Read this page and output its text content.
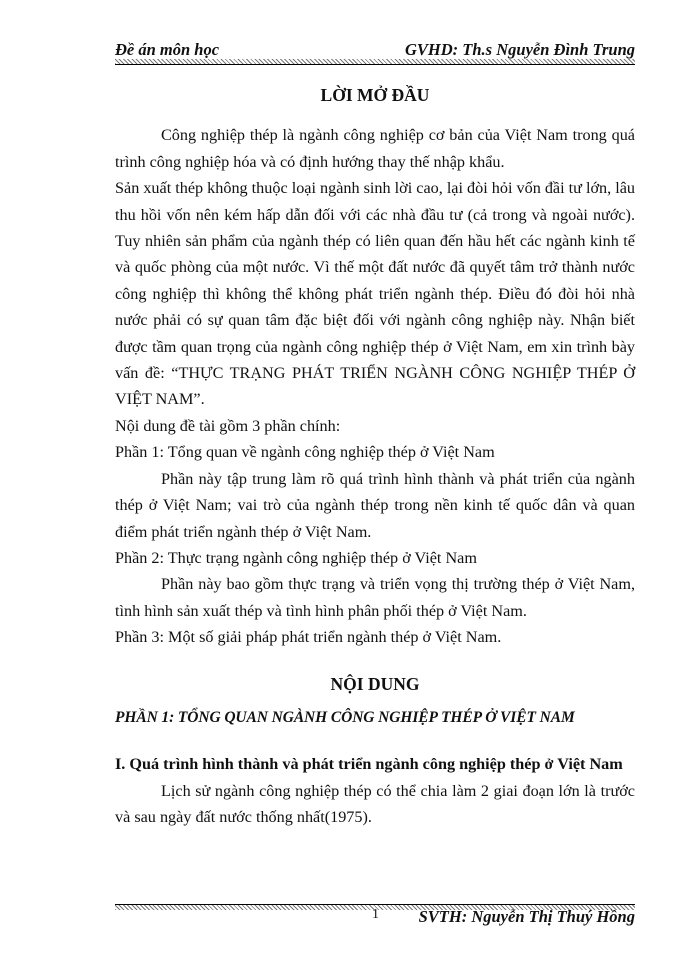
Đề án môn học	GVHD: Th.s Nguyễn Đình Trung
LỜI MỞ ĐẦU

Công nghiệp thép là ngành công nghiệp cơ bản của Việt Nam trong quá trình công nghiệp hóa và có định hướng thay thế nhập khẩu.

Sản xuất thép không thuộc loại ngành sinh lời cao, lại đòi hỏi vốn đầi tư lớn, lâu thu hồi vốn nên kém hấp dẫn đối với các nhà đầu tư (cả trong và ngoài nước). Tuy nhiên sản phẩm của ngành thép có liên quan đến hầu hết các ngành kinh tế và quốc phòng của một nước. Vì thế một đất nước đã quyết tâm trở thành nước công nghiệp thì không thể không phát triển ngành thép. Điều đó đòi hỏi nhà nước phải có sự quan tâm đặc biệt đối với ngành công nghiệp này. Nhận biết được tầm quan trọng của ngành công nghiệp thép ở Việt Nam, em xin trình bày vấn đề: “THỰC TRẠNG PHÁT TRIỂN NGÀNH CÔNG NGHIỆP THÉP Ở VIỆT NAM”.

Nội dung đề tài gồm 3 phần chính:

Phần 1: Tổng quan về ngành công nghiệp thép ở Việt Nam

Phần này tập trung làm rõ quá trình hình thành và phát triển của ngành thép ở Việt Nam; vai trò của ngành thép trong nền kinh tế quốc dân và quan điểm phát triển ngành thép ở Việt Nam.

Phần 2: Thực trạng ngành công nghiệp thép ở Việt Nam

Phần này bao gồm thực trạng và triển vọng thị trường thép ở Việt Nam, tình hình sản xuất thép và tình hình phân phối thép ở Việt Nam.

Phần 3: Một số giải pháp phát triển ngành thép ở Việt Nam.

NỘI DUNG

PHẦN 1: TỔNG QUAN NGÀNH CÔNG NGHIỆP THÉP Ở VIỆT NAM

I. Quá trình hình thành và phát triển ngành công nghiệp thép ở Việt Nam

Lịch sử ngành công nghiệp thép có thể chia làm 2 giai đoạn lớn là trước và sau ngày đất nước thống nhất(1975).

1 SVTH: Nguyễn Thị Thuý Hồng
